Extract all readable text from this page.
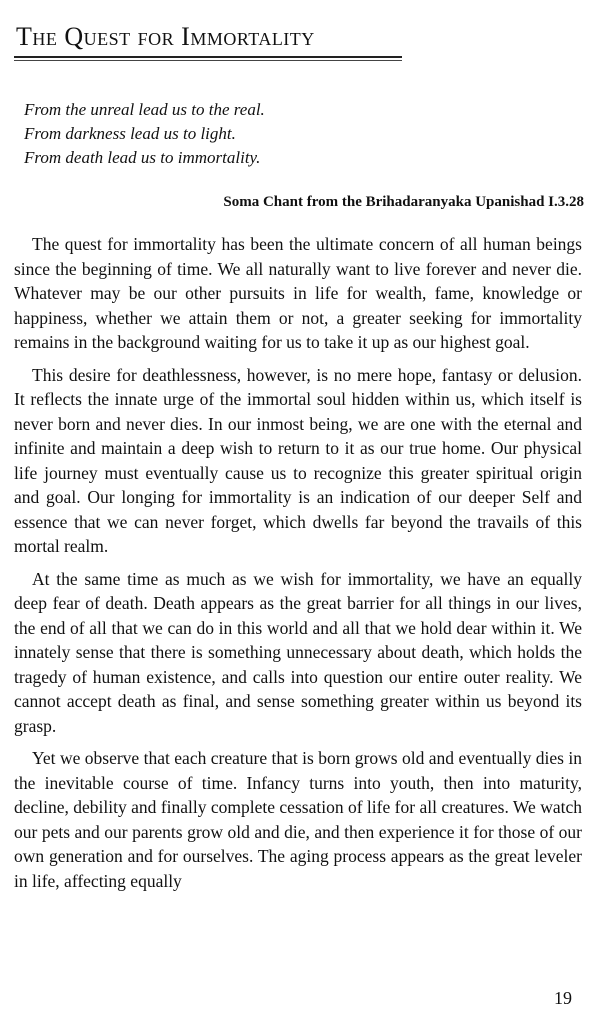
The Quest for Immortality
From the unreal lead us to the real.
From darkness lead us to light.
From death lead us to immortality.
Soma Chant from the Brihadaranyaka Upanishad I.3.28

The quest for immortality has been the ultimate concern of all human beings since the beginning of time. We all naturally want to live forever and never die. Whatever may be our other pursuits in life for wealth, fame, knowledge or happiness, whether we attain them or not, a greater seeking for immortality remains in the background waiting for us to take it up as our highest goal.

This desire for deathlessness, however, is no mere hope, fantasy or delusion. It reflects the innate urge of the immortal soul hidden within us, which itself is never born and never dies. In our inmost being, we are one with the eternal and infinite and maintain a deep wish to return to it as our true home. Our physical life journey must eventually cause us to recognize this greater spiritual origin and goal. Our longing for immortality is an indication of our deeper Self and essence that we can never forget, which dwells far beyond the travails of this mortal realm.

At the same time as much as we wish for immortality, we have an equally deep fear of death. Death appears as the great barrier for all things in our lives, the end of all that we can do in this world and all that we hold dear within it. We innately sense that there is something unnecessary about death, which holds the tragedy of human existence, and calls into question our entire outer reality. We cannot accept death as final, and sense something greater within us beyond its grasp.

Yet we observe that each creature that is born grows old and eventually dies in the inevitable course of time. Infancy turns into youth, then into maturity, decline, debility and finally complete cessation of life for all creatures. We watch our pets and our parents grow old and die, and then experience it for those of our own generation and for ourselves. The aging process appears as the great leveler in life, affecting equally

19
